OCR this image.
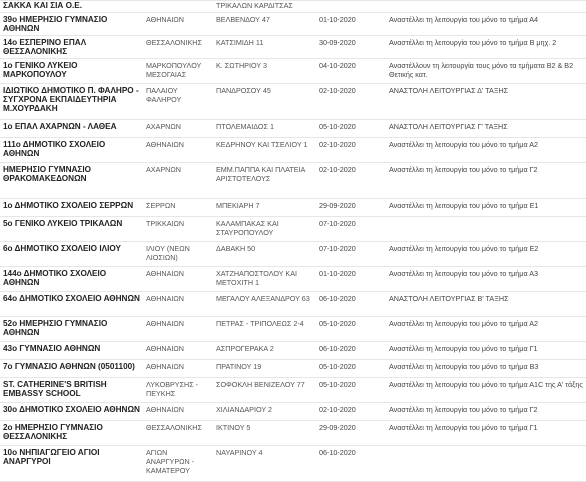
ΣΑΚΚΑ ΚΑΙ ΣΙΑ Ο.Ε.		ΤΡΙΚΑΛΩΝ ΚΑΡΔΙΤΣΑΣ		
39ο ΗΜΕΡΗΣΙΟ ΓΥΜΝΑΣΙΟ ΑΘΗΝΩΝ	ΑΘΗΝΑΙΩΝ	ΒΕΛΒΕΝΔΟΥ 47	01-10-2020	Αναστέλλει τη λειτουργία του μόνο το τμήμα Α4
14ο ΕΣΠΕΡΙΝΟ ΕΠΑΛ ΘΕΣΣΑΛΟΝΙΚΗΣ	ΘΕΣΣΑΛΟΝΙΚΗΣ	ΚΑΤΣΙΜΙΔΗ 11	30-09-2020	Αναστέλλει τη λειτουργία του μόνο το τμήμα Β μηχ. 2
1ο ΓΕΝΙΚΟ ΛΥΚΕΙΟ ΜΑΡΚΟΠΟΥΛΟΥ	ΜΑΡΚΟΠΟΥΛΟΥ ΜΕΣΟΓΑΙΑΣ	Κ. ΣΩΤΗΡΙΟΥ 3	04-10-2020	Αναστέλλουν τη λειτουργία τους μόνο τα τμήματα Β2 & Β2 Θετικής κατ.
ΙΔΙΩΤΙΚΟ ΔΗΜΟΤΙΚΟ Π. ΦΑΛΗΡΟ - ΣΥΓΧΡΟΝΑ ΕΚΠΑΙΔΕΥΤΗΡΙΑ Μ.ΧΟΥΡΔΑΚΗ	ΠΑΛΑΙΟΥ ΦΑΛΗΡΟΥ	ΠΑΝΔΡΟΣΟΥ 45	02-10-2020	ΑΝΑΣΤΟΛΗ ΛΕΙΤΟΥΡΓΙΑΣ Δ' ΤΑΞΗΣ
1ο ΕΠΑΛ ΑΧΑΡΝΩΝ - ΛΑΘΕΑ	ΑΧΑΡΝΩΝ	ΠΤΟΛΕΜΑΙΔΟΣ 1	05-10-2020	ΑΝΑΣΤΟΛΗ ΛΕΙΤΟΥΡΓΙΑΣ Γ' ΤΑΞΗΣ
111ο ΔΗΜΟΤΙΚΟ ΣΧΟΛΕΙΟ ΑΘΗΝΩΝ	ΑΘΗΝΑΙΩΝ	ΚΕΔΡΗΝΟΥ ΚΑΙ ΤΣΕΛΙΟΥ 1	02-10-2020	Αναστέλλει τη λειτουργία του μόνο το τμήμα Α2
ΗΜΕΡΗΣΙΟ ΓΥΜΝΑΣΙΟ ΘΡΑΚΟΜΑΚΕΔΟΝΩΝ	ΑΧΑΡΝΩΝ	ΕΜΜ.ΠΑΠΠΑ ΚΑΙ ΠΛΑΤΕΙΑ ΑΡΙΣΤΟΤΕΛΟΥΣ	02-10-2020	Αναστέλλει τη λειτουργία του μόνο το τμήμα Γ2
1ο ΔΗΜΟΤΙΚΟ ΣΧΟΛΕΙΟ ΣΕΡΡΩΝ	ΣΕΡΡΩΝ	ΜΠΕΚΙΑΡΗ 7	29-09-2020	Αναστέλλει τη λειτουργία του μόνο το τμήμα Ε1
5ο ΓΕΝΙΚΟ ΛΥΚΕΙΟ ΤΡΙΚΑΛΩΝ	ΤΡΙΚΚΑΙΩΝ	ΚΑΛΑΜΠΑΚΑΣ ΚΑΙ ΣΤΑΥΡΟΠΟΥΛΟΥ	07-10-2020	
6ο ΔΗΜΟΤΙΚΟ ΣΧΟΛΕΙΟ ΙΛΙΟΥ	ΙΛΙΟΥ (ΝΕΩΝ ΛΙΟΣΙΩΝ)	ΔΑΒΑΚΗ 50	07-10-2020	Αναστέλλει τη λειτουργία του μόνο το τμήμα Ε2
144ο ΔΗΜΟΤΙΚΟ ΣΧΟΛΕΙΟ ΑΘΗΝΩΝ	ΑΘΗΝΑΙΩΝ	ΧΑΤΖΗΑΠΟΣΤΟΛΟΥ ΚΑΙ ΜΕΤΟΧΙΤΗ 1	01-10-2020	Αναστέλλει τη λειτουργία του μόνο το τμήμα Α3
64ο ΔΗΜΟΤΙΚΟ ΣΧΟΛΕΙΟ ΑΘΗΝΩΝ	ΑΘΗΝΑΙΩΝ	ΜΕΓΑΛΟΥ ΑΛΕΞΑΝΔΡΟΥ 63	06-10-2020	ΑΝΑΣΤΟΛΗ ΛΕΙΤΟΥΡΓΙΑΣ Β' ΤΑΞΗΣ
52ο ΗΜΕΡΗΣΙΟ ΓΥΜΝΑΣΙΟ ΑΘΗΝΩΝ	ΑΘΗΝΑΙΩΝ	ΠΕΤΡΑΣ - ΤΡΙΠΟΛΕΩΣ 2-4	05-10-2020	Αναστέλλει τη λειτουργία του μόνο το τμήμα Α2
43ο ΓΥΜΝΑΣΙΟ ΑΘΗΝΩΝ	ΑΘΗΝΑΙΩΝ	ΑΣΠΡΟΓΕΡΑΚΑ 2	06-10-2020	Αναστέλλει τη λειτουργία του μόνο το τμήμα Γ1
7ο ΓΥΜΝΑΣΙΟ ΑΘΗΝΩΝ (0501100)	ΑΘΗΝΑΙΩΝ	ΠΡΑΤΙΝΟΥ 19	05-10-2020	Αναστέλλει τη λειτουργία του μόνο το τμήμα Β3
ST. CATHERINE'S BRITISH EMBASSY SCHOOL	ΛΥΚΟΒΡΥΣΗΣ - ΠΕΥΚΗΣ	ΣΟΦΟΚΛΗ ΒΕΝΙΖΕΛΟΥ 77	05-10-2020	Αναστέλλει τη λειτουργία του μόνο το τμήμα Α1C της Α' τάξης
30ο ΔΗΜΟΤΙΚΟ ΣΧΟΛΕΙΟ ΑΘΗΝΩΝ	ΑΘΗΝΑΙΩΝ	ΧΙΛΙΑΝΔΑΡΙΟΥ 2	02-10-2020	Αναστέλλει τη λειτουργία του μόνο το τμήμα Γ2
2ο ΗΜΕΡΗΣΙΟ ΓΥΜΝΑΣΙΟ ΘΕΣΣΑΛΟΝΙΚΗΣ	ΘΕΣΣΑΛΟΝΙΚΗΣ	ΙΚΤΙΝΟΥ 5	29-09-2020	Αναστέλλει τη λειτουργία του μόνο το τμήμα Γ1
10ο ΝΗΠΙΑΓΩΓΕΙΟ ΑΓΙΟΙ ΑΝΑΡΓΥΡΟΙ	ΑΓΙΩΝ ΑΝΑΡΓΥΡΩΝ - ΚΑΜΑΤΕΡΟΥ	ΝΑΥΑΡΙΝΟΥ 4	06-10-2020	
